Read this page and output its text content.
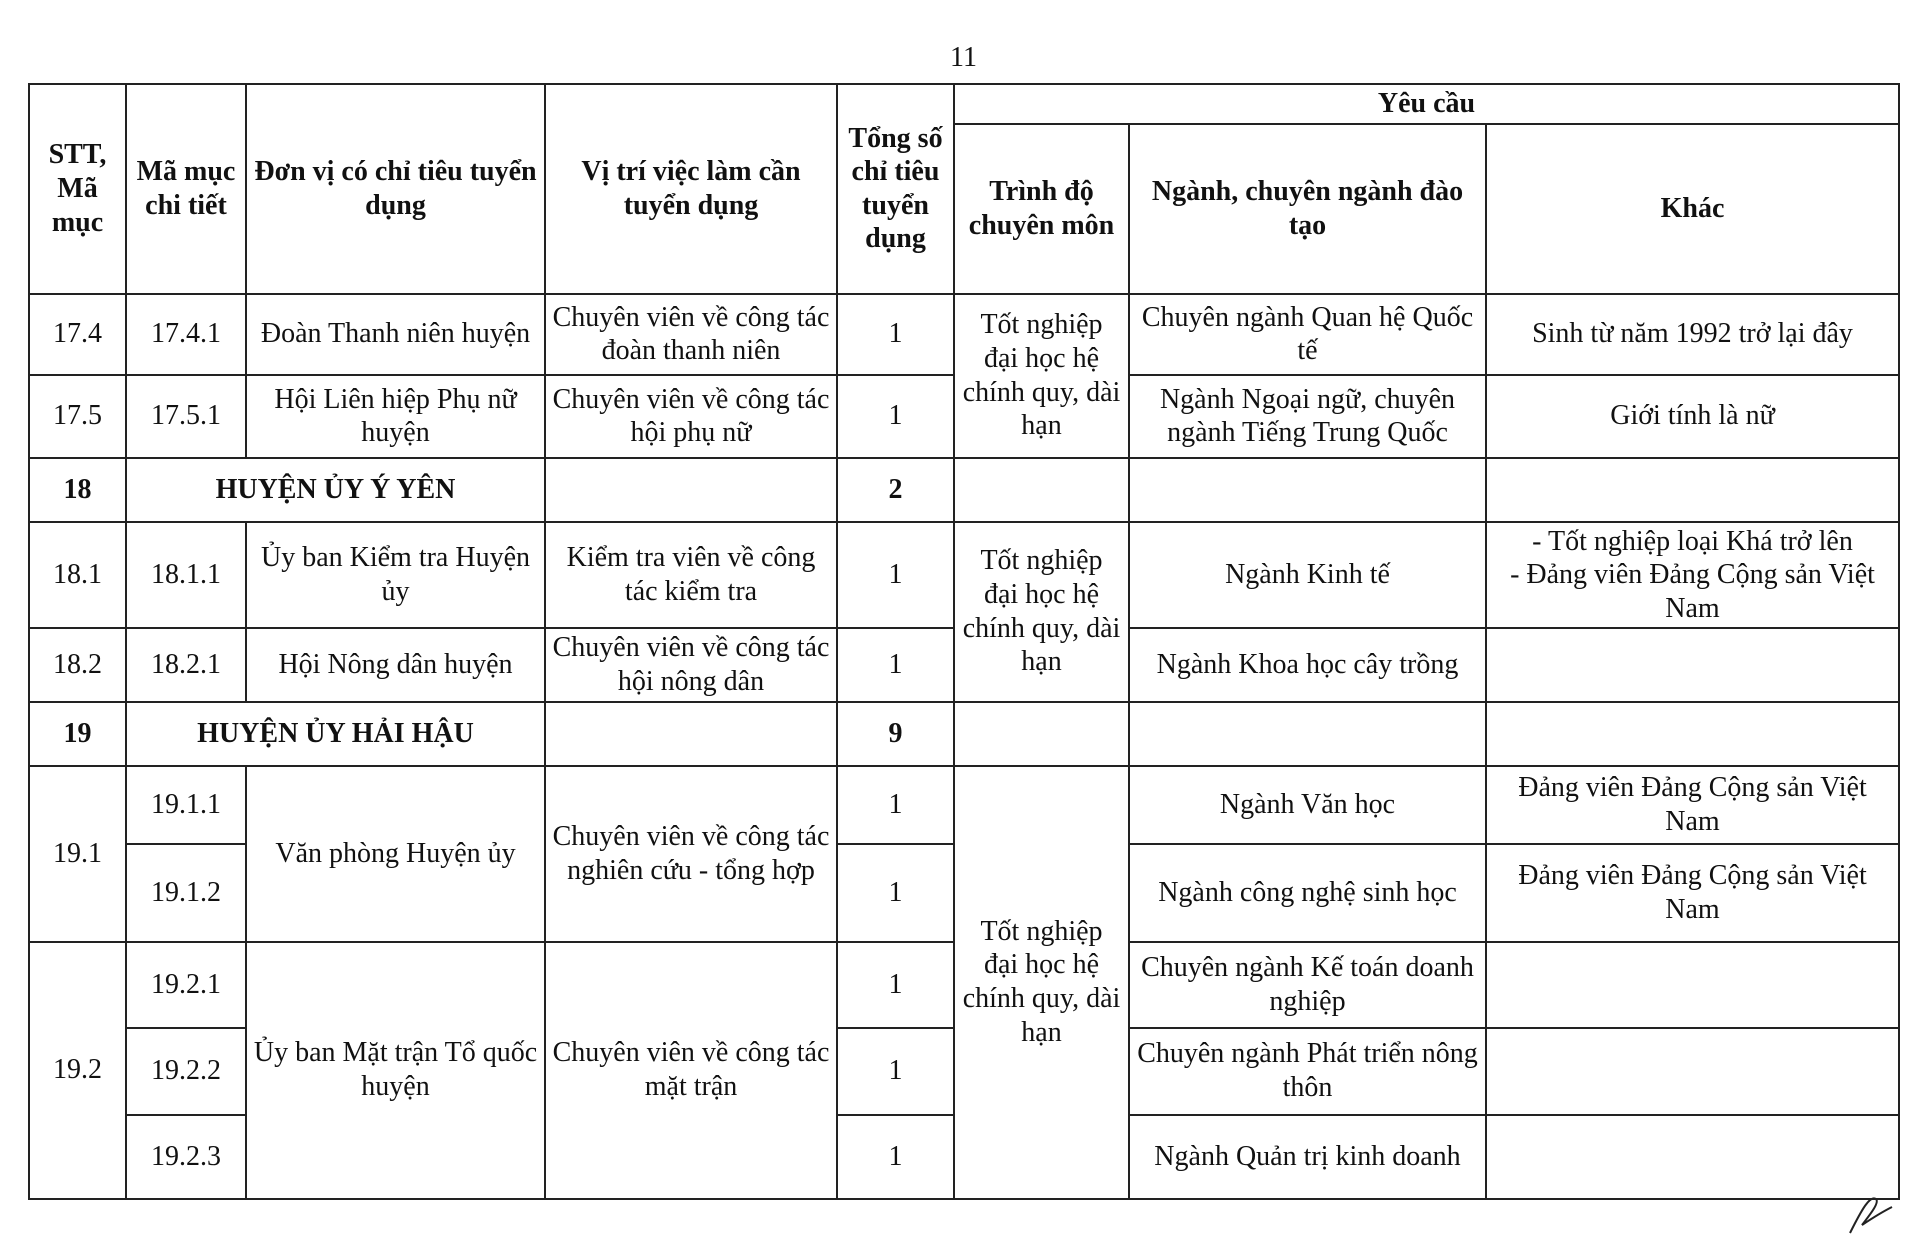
11
STT, Mã mục	Mã mục chi tiết	Đơn vị có chỉ tiêu tuyển dụng	Vị trí việc làm cần tuyển dụng	Tổng số chỉ tiêu tuyển dụng	Yêu cầu		
					Trình độ chuyên môn	Ngành, chuyên ngành đào tạo	Khác
17.4	17.4.1	Đoàn Thanh niên huyện	Chuyên viên về công tác đoàn thanh niên	1	Tốt nghiệp đại học hệ chính quy, dài hạn	Chuyên ngành Quan hệ Quốc tế	Sinh từ năm 1992 trở lại đây
17.5	17.5.1	Hội Liên hiệp Phụ nữ huyện	Chuyên viên về công tác hội phụ nữ	1		Ngành Ngoại ngữ, chuyên ngành Tiếng Trung Quốc	Giới tính là nữ
18	HUYỆN ỦY Ý YÊN			2			
18.1	18.1.1	Ủy ban Kiểm tra Huyện ủy	Kiểm tra viên về công tác kiểm tra	1	Tốt nghiệp đại học hệ chính quy, dài hạn	Ngành Kinh tế	- Tốt nghiệp loại Khá trở lên
- Đảng viên Đảng Cộng sản Việt Nam

18.2	18.2.1	Hội Nông dân huyện	Chuyên viên về công tác hội nông dân	1		Ngành Khoa học cây trồng	
19	HUYỆN ỦY HẢI HẬU			9			
19.1	19.1.1	Văn phòng Huyện ủy	Chuyên viên về công tác nghiên cứu - tổng hợp	1	Tốt nghiệp đại học hệ chính quy, dài hạn	Ngành Văn học	Đảng viên Đảng Cộng sản Việt Nam
	19.1.2			1		Ngành công nghệ sinh học	Đảng viên Đảng Cộng sản Việt Nam
19.2	19.2.1	Ủy ban Mặt trận Tổ quốc huyện	Chuyên viên về công tác mặt trận	1		Chuyên ngành Kế toán doanh nghiệp	
	19.2.2			1		Chuyên ngành Phát triển nông thôn	
	19.2.3			1		Ngành Quản trị kinh doanh	
